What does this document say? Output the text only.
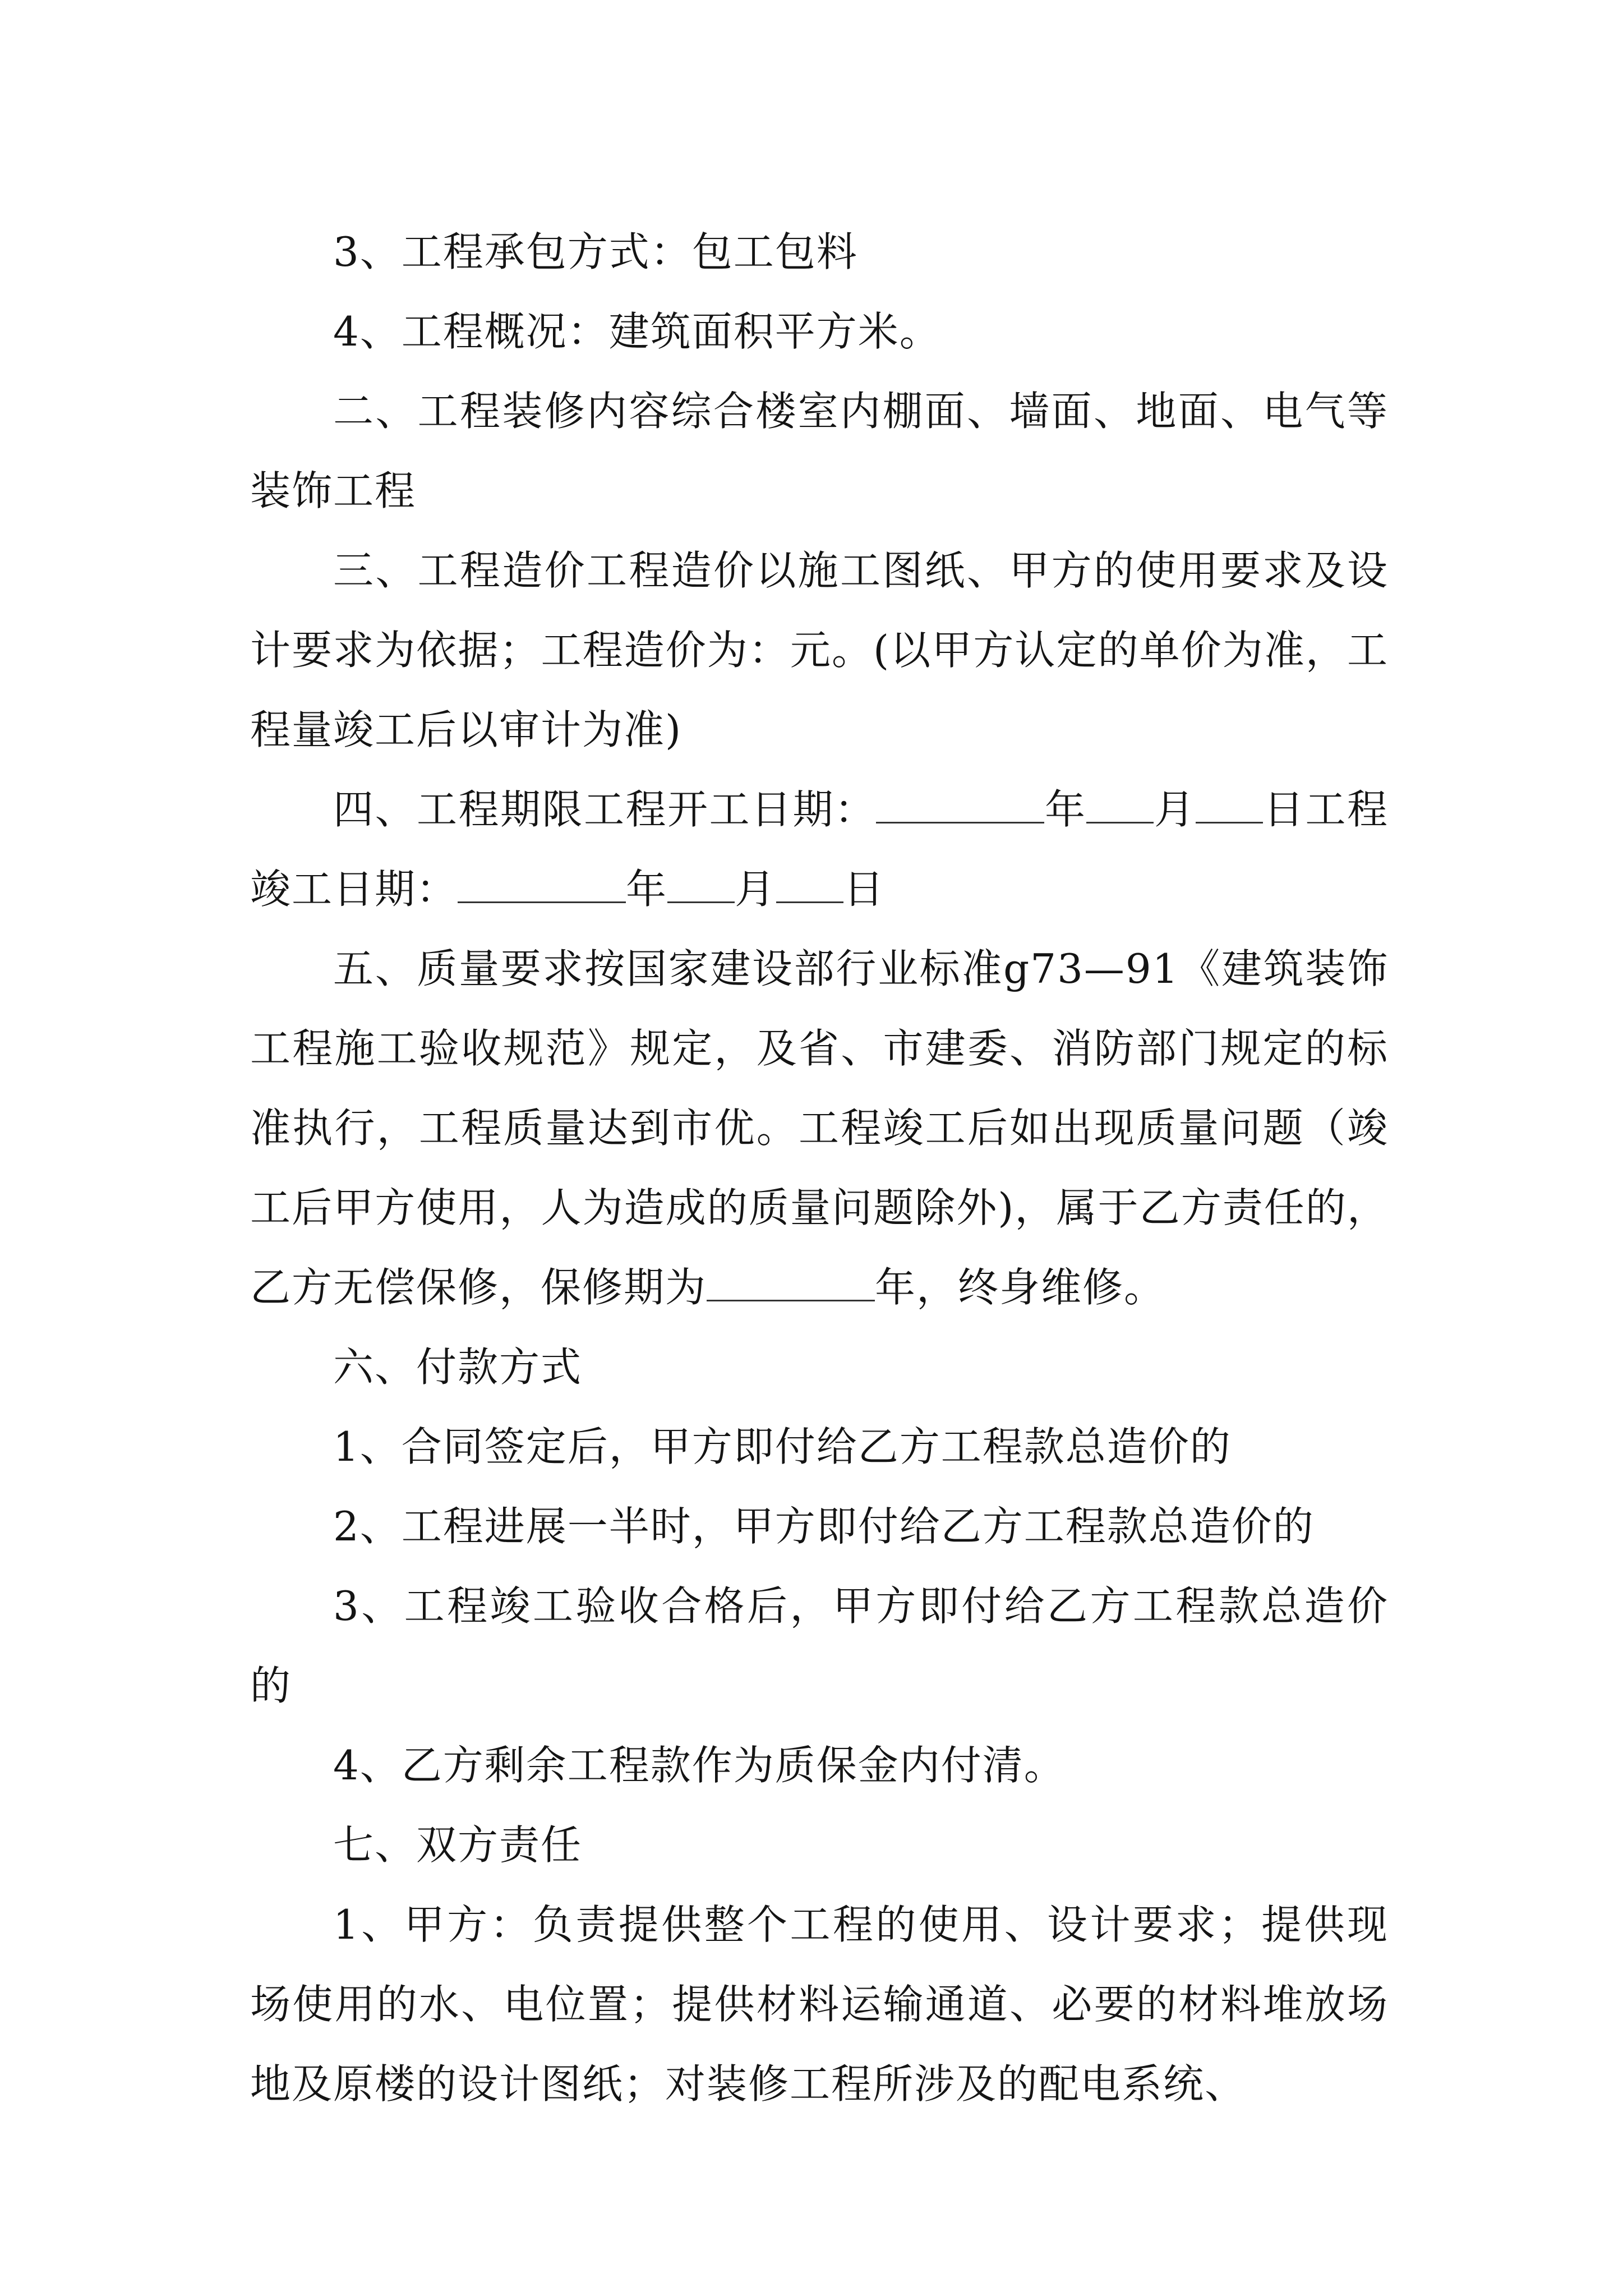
3、工程承包方式：包工包料

4、工程概况：建筑面积平方米。

二、工程装修内容综合楼室内棚面、墙面、地面、电气等装饰工程

三、工程造价工程造价以施工图纸、甲方的使用要求及设计要求为依据；工程造价为：元。(以甲方认定的单价为准，工程量竣工后以审计为准)

四、工程期限工程开工日期：	年 月 日工程竣工日期：	年 月 日

五、质量要求按国家建设部行业标准g73—91《建筑装饰工程施工验收规范》规定，及省、市建委、消防部门规定的标准执行，工程质量达到市优。工程竣工后如出现质量问题（竣工后甲方使用，人为造成的质量问题除外)，属于乙方责任的，乙方无偿保修，保修期为	年，终身维修。

六、付款方式

1、合同签定后，甲方即付给乙方工程款总造价的

2、工程进展一半时，甲方即付给乙方工程款总造价的

3、工程竣工验收合格后，甲方即付给乙方工程款总造价的

4、乙方剩余工程款作为质保金内付清。

七、双方责任

1、甲方：负责提供整个工程的使用、设计要求；提供现场使用的水、电位置；提供材料运输通道、必要的材料堆放场地及原楼的设计图纸；对装修工程所涉及的配电系统、
